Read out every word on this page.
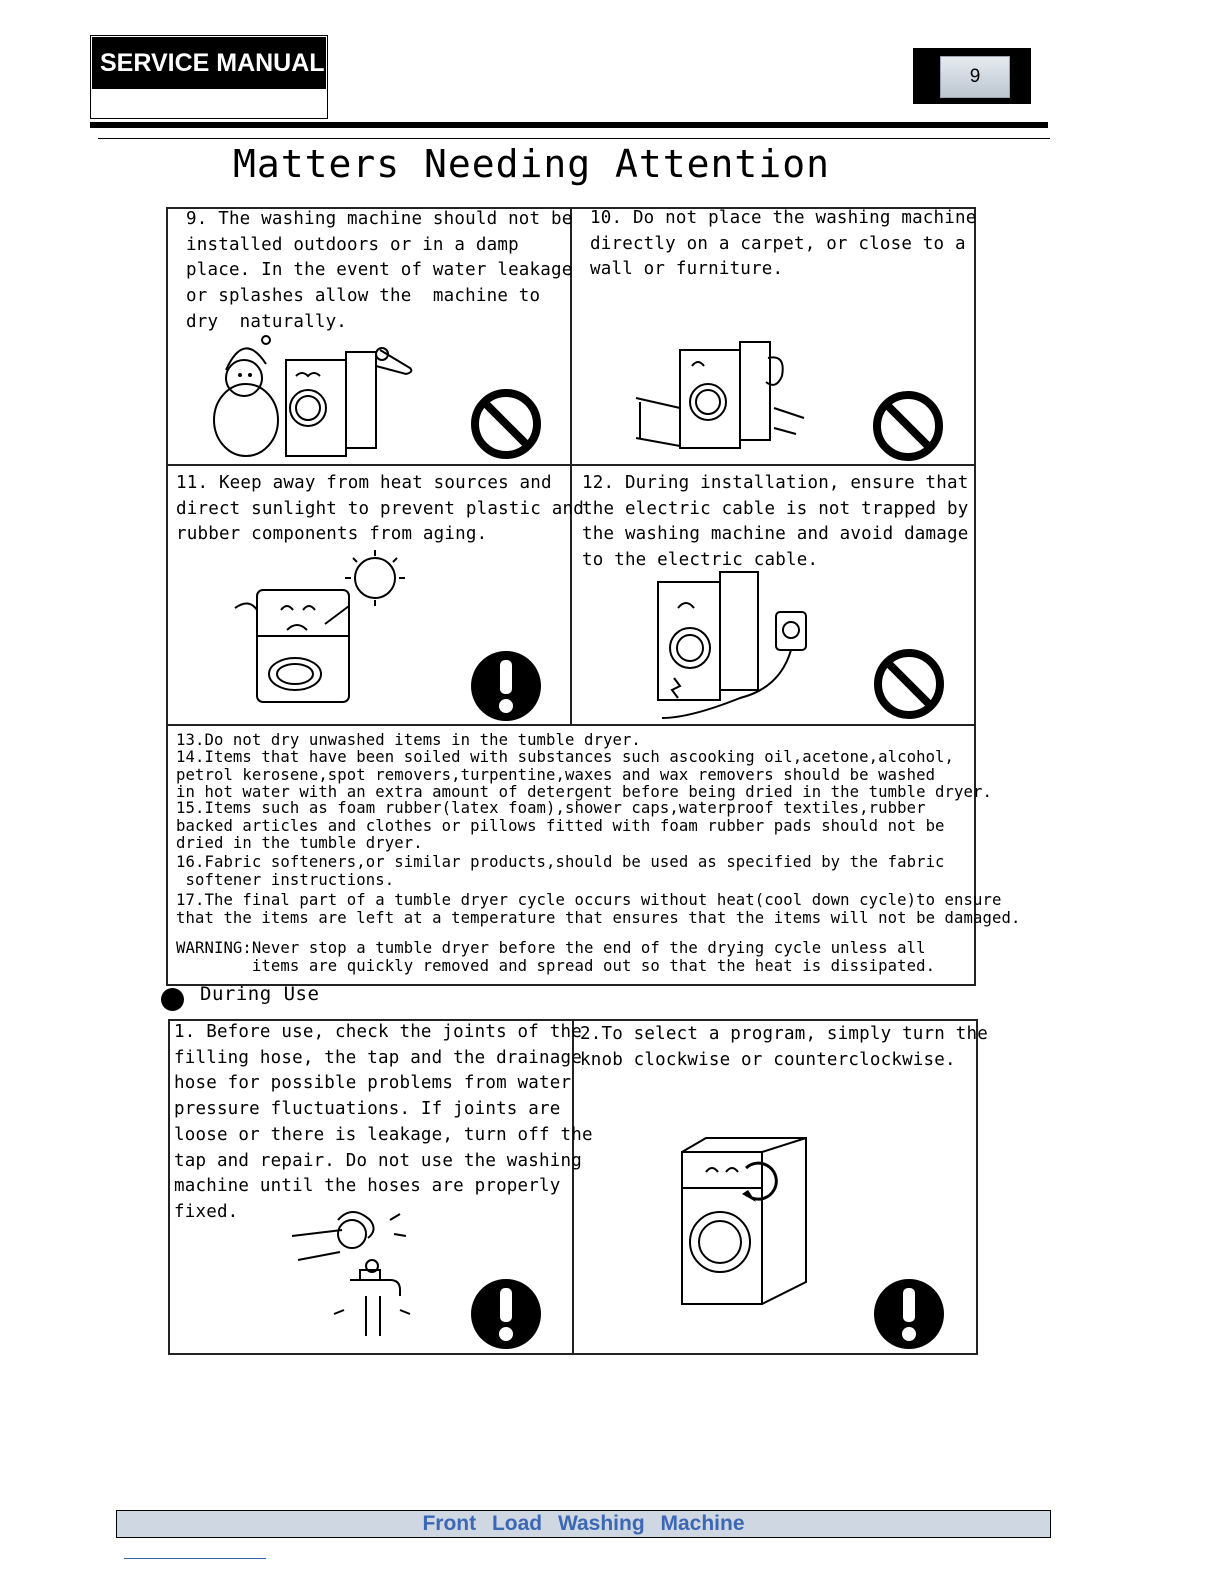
SERVICE MANUAL	9
Matters Needing Attention
9. The washing machine should not be
installed outdoors or in a damp
place. In the event of water leakage
or splashes allow the  machine to
dry  naturally.
10. Do not place the washing machine
directly on a carpet, or close to a
wall or furniture.
11. Keep away from heat sources and
direct sunlight to prevent plastic and
rubber components from aging.
12. During installation, ensure that
the electric cable is not trapped by
the washing machine and avoid damage
to the electric cable.
13.Do not dry unwashed items in the tumble dryer.
14.Items that have been soiled with substances such ascooking oil,acetone,alcohol,
petrol kerosene,spot removers,turpentine,waxes and wax removers should be washed
in hot water with an extra amount of detergent before being dried in the tumble dryer.
15.Items such as foam rubber(latex foam),shower caps,waterproof textiles,rubber
backed articles and clothes or pillows fitted with foam rubber pads should not be
dried in the tumble dryer.
16.Fabric softeners,or similar products,should be used as specified by the fabric
softener instructions.
17.The final part of a tumble dryer cycle occurs without heat(cool down cycle)to ensure
that the items are left at a temperature that ensures that the items will not be damaged.
WARNING:Never stop a tumble dryer before the end of the drying cycle unless all
items are quickly removed and spread out so that the heat is dissipated.
During Use
1. Before use, check the joints of the
filling hose, the tap and the drainage
hose for possible problems from water
pressure fluctuations. If joints are
loose or there is leakage, turn off the
tap and repair. Do not use the washing
machine until the hoses are properly
fixed.
2.To select a program, simply turn the
knob clockwise or counterclockwise.
Front Load Washing Machine
